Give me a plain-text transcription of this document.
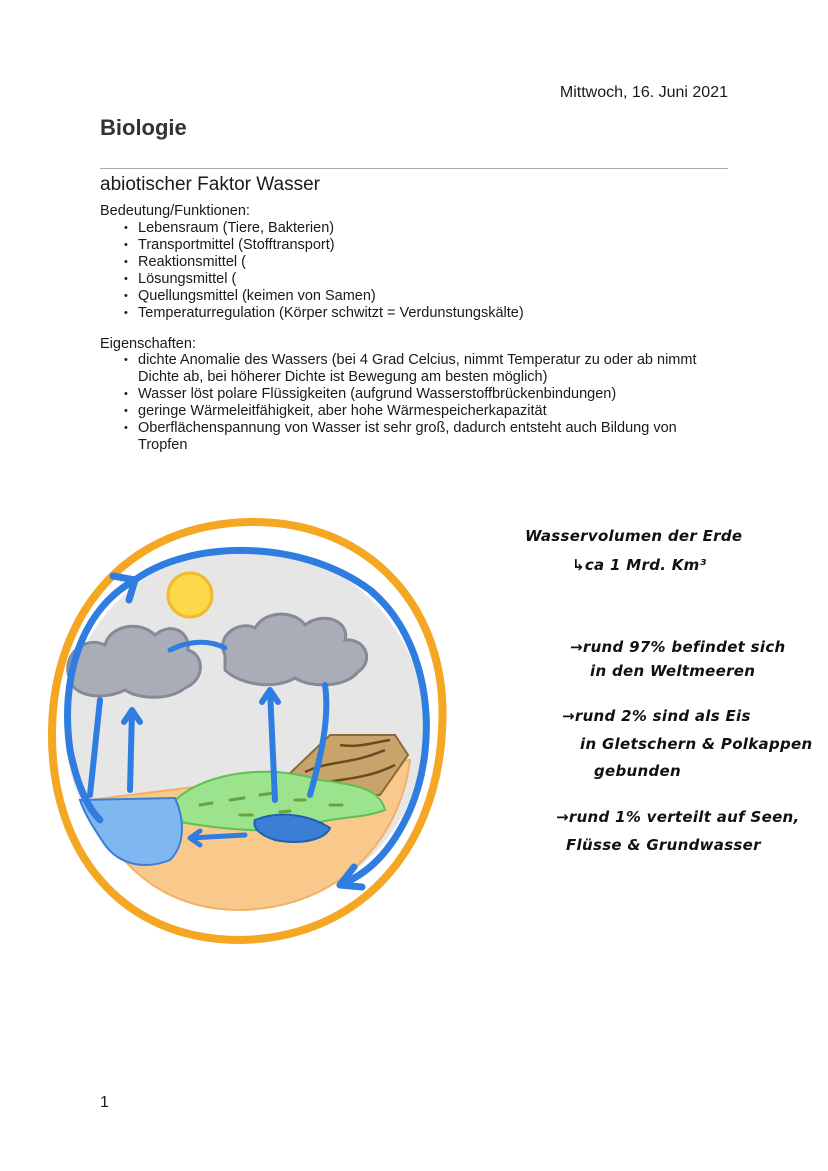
Mittwoch, 16. Juni 2021
Biologie
abiotischer Faktor Wasser
Bedeutung/Funktionen:
• Lebensraum (Tiere, Bakterien)
• Transportmittel (Stofftransport)
• Reaktionsmittel (
• Lösungsmittel (
• Quellungsmittel (keimen von Samen)
• Temperaturregulation (Körper schwitzt = Verdunstungskälte)
Eigenschaften:
• dichte Anomalie des Wassers (bei 4 Grad Celcius, nimmt Temperatur zu oder ab nimmt Dichte ab, bei höherer Dichte ist Bewegung am besten möglich)
• Wasser löst polare Flüssigkeiten (aufgrund Wasserstoffbrückenbindungen)
• geringe Wärmeleitfähigkeit, aber hohe Wärmespeicherkapazität
• Oberflächenspannung von Wasser ist sehr groß, dadurch entsteht auch Bildung von Tropfen
Wasservolumen der Erde
↳ca 1 Mrd. Km³
→rund 97% befindet sich
in den Weltmeeren
→rund 2% sind als Eis
in Gletschern & Polkappen
gebunden
→rund 1% verteilt auf Seen,
Flüsse & Grundwasser
1
